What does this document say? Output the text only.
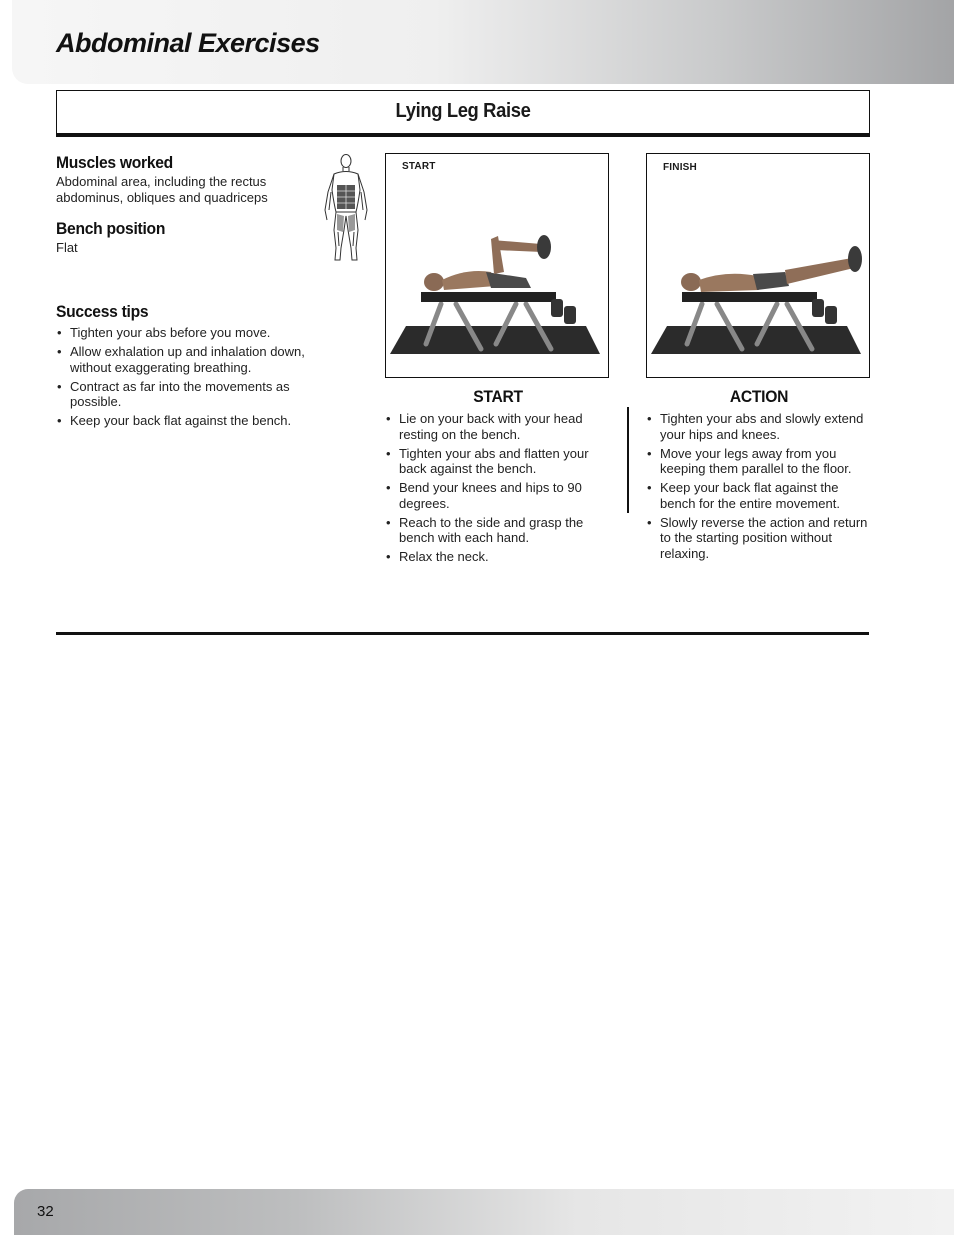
Abdominal Exercises
Lying Leg Raise
Muscles worked
Abdominal area, including the rectus
abdominus, obliques and quadriceps
Bench position
Flat
Success tips
• Tighten your abs before you move.
• Allow exhalation up and inhalation down, without exaggerating breathing.
• Contract as far into the movements as possible.
• Keep your back flat against the bench.
START	FINISH
START
• Lie on your back with your head resting on the bench.
• Tighten your abs and flatten your back against the bench.
• Bend your knees and hips to 90 degrees.
• Reach to the side and grasp the bench with each hand.
• Relax the neck.
ACTION
• Tighten your abs and slowly extend your hips and knees.
• Move your legs away from you keeping them parallel to the floor.
• Keep your back flat against the bench for the entire movement.
• Slowly reverse the action and return to the starting position without relaxing.
32
